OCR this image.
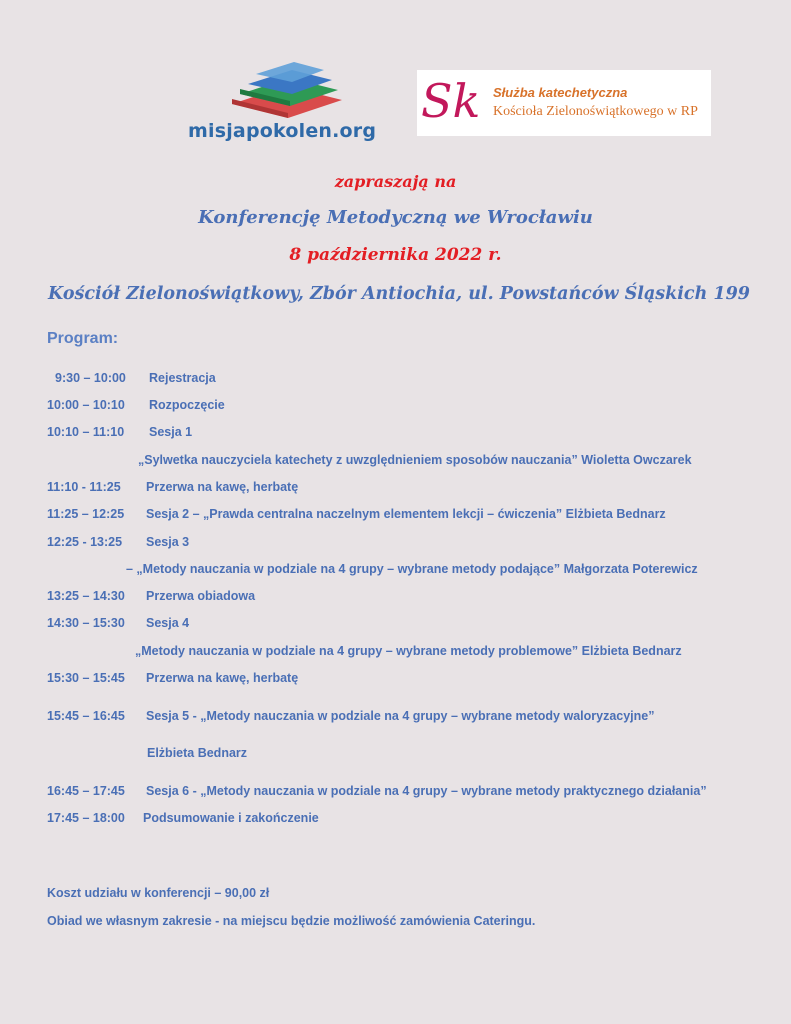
misjapokolen.org
Sk Służba katechetyczna
Kościoła Zielonoświątkowego w RP
zapraszają na
Konferencję Metodyczną we Wrocławiu
8 października 2022 r.
Kościół Zielonoświątkowy, Zbór Antiochia, ul. Powstańców Śląskich 199
Program:
9:30 – 10:00 Rejestracja
10:00 – 10:10 Rozpoczęcie
10:10 – 11:10 Sesja 1
„Sylwetka nauczyciela katechety z uwzględnieniem sposobów nauczania” Wioletta Owczarek
11:10 - 11:25 Przerwa na kawę, herbatę
11:25 – 12:25 Sesja 2 – „Prawda centralna naczelnym elementem lekcji – ćwiczenia” Elżbieta Bednarz
12:25 - 13:25 Sesja 3
– „Metody nauczania w podziale na 4 grupy – wybrane metody podające” Małgorzata Poterewicz
13:25 – 14:30 Przerwa obiadowa
14:30 – 15:30 Sesja 4
„Metody nauczania w podziale na 4 grupy – wybrane metody problemowe” Elżbieta Bednarz
15:30 – 15:45 Przerwa na kawę, herbatę
15:45 – 16:45 Sesja 5 - „Metody nauczania w podziale na 4 grupy – wybrane metody waloryzacyjne”
Elżbieta Bednarz
16:45 – 17:45 Sesja 6 - „Metody nauczania w podziale na 4 grupy – wybrane metody praktycznego działania”
17:45 – 18:00 Podsumowanie i zakończenie
Koszt udziału w konferencji – 90,00 zł
Obiad we własnym zakresie - na miejscu będzie możliwość zamówienia Cateringu.
